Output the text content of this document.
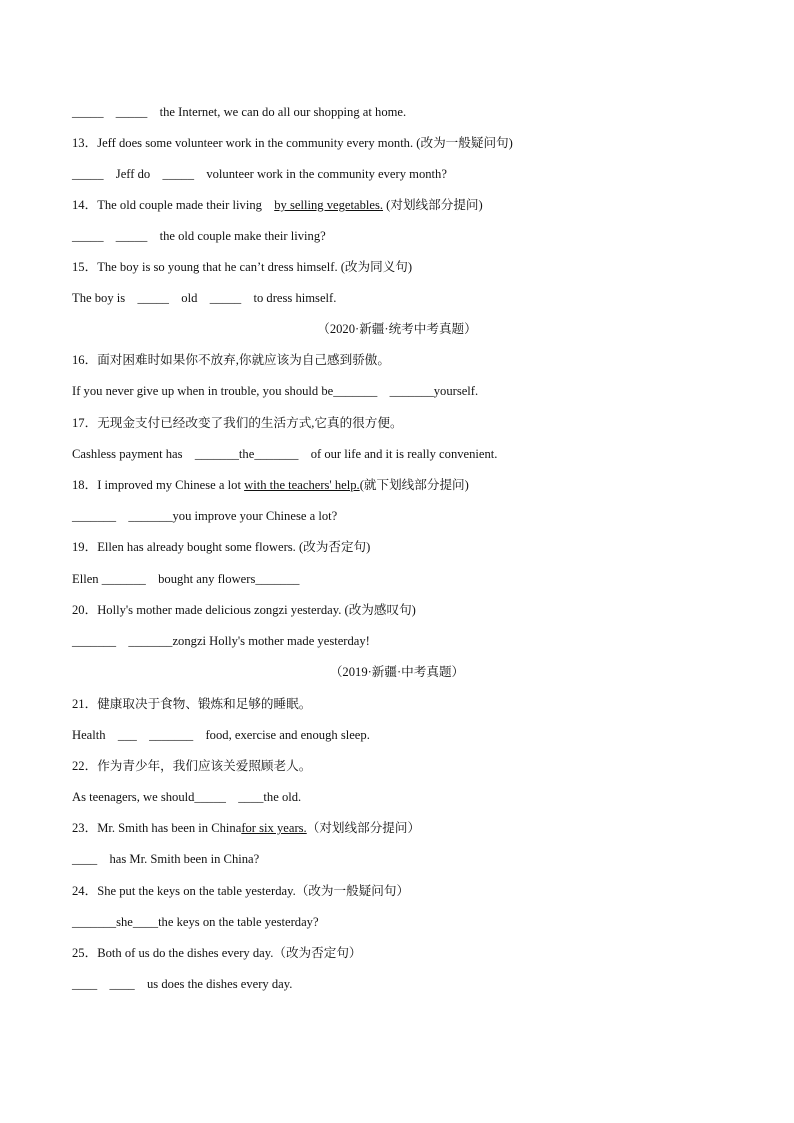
_____ _____ the Internet, we can do all our shopping at home.
13．Jeff does some volunteer work in the community every month. (改为一般疑问句)
_____ Jeff do _____ volunteer work in the community every month?
14．The old couple made their living by selling vegetables. (对划线部分提问)
_____ _____ the old couple make their living?
15．The boy is so young that he can’t dress himself. (改为同义句)
The boy is _____ old _____ to dress himself.
（2020·新疆·统考中考真题）
16．面对困难时如果你不放弃,你就应该为自己感到骄傲。
If you never give up when in trouble, you should be_______ _______yourself.
17．无现金支付已经改变了我们的生活方式,它真的很方便。
Cashless payment has _______the_______ of our life and it is really convenient.
18．I improved my Chinese a lot with the teachers' help.(就下划线部分提问)
_______ _______you improve your Chinese a lot?
19．Ellen has already bought some flowers. (改为否定句)
Ellen _______ bought any flowers_______
20．Holly's mother made delicious zongzi yesterday. (改为感叹句)
_______ _______zongzi Holly's mother made yesterday!
（2019·新疆·中考真题）
21．健康取决于食物、锻炼和足够的睡眠。
Health ___ _______ food, exercise and enough sleep.
22．作为青少年，我们应该关爱照顾老人。
As teenagers, we should_____ ____the old.
23．Mr. Smith has been in Chinafor six years.（对划线部分提问）
____ has Mr. Smith been in China?
24．She put the keys on the table yesterday.（改为一般疑问句）
_______she____the keys on the table yesterday?
25．Both of us do the dishes every day.（改为否定句）
____ ____ us does the dishes every day.
